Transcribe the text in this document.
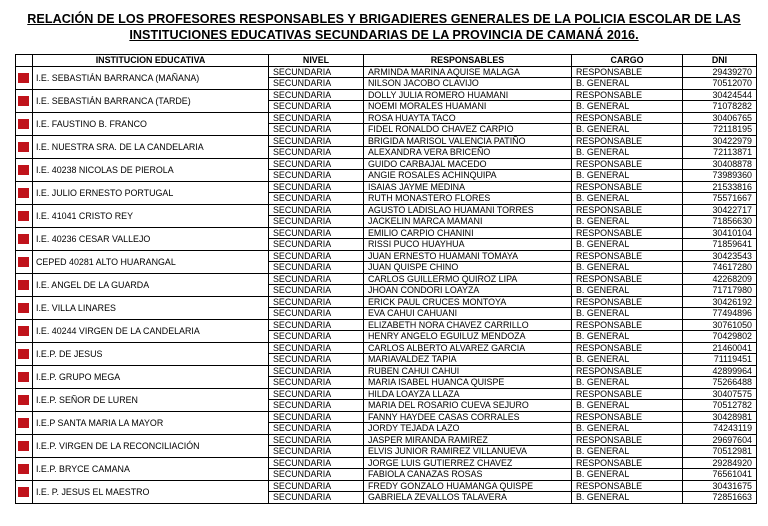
RELACIÓN DE LOS PROFESORES RESPONSABLES Y BRIGADIERES GENERALES DE LA POLICIA ESCOLAR DE LAS
INSTITUCIONES EDUCATIVAS SECUNDARIAS DE LA PROVINCIA DE CAMANÁ 2016.
	INSTITUCION EDUCATIVA	NIVEL	RESPONSABLES	CARGO	DNI

01	I.E. SEBASTIÁN BARRANCA (MAÑANA)	SECUNDARIA	ARMINDA MARINA AQUISE MALAGA	RESPONSABLE	29439270
		SECUNDARIA	NILSON JACOBO CLAVIJO	B. GENERAL	70512070

02	I.E. SEBASTIÁN BARRANCA (TARDE)	SECUNDARIA	DOLLY JULIA ROMERO HUAMANI	RESPONSABLE	30424544
		SECUNDARIA	NOEMI MORALES HUAMANI	B. GENERAL	71078282

03	I.E. FAUSTINO B. FRANCO	SECUNDARIA	ROSA HUAYTA TACO	RESPONSABLE	30406765
		SECUNDARIA	FIDEL RONALDO CHAVEZ CARPIO	B. GENERAL	72118195

04	I.E. NUESTRA SRA. DE LA CANDELARIA	SECUNDARIA	BRIGIDA MARISOL VALENCIA PATIÑO	RESPONSABLE	30422979
		SECUNDARIA	ALEXANDRA VERA BRICEÑO	B. GENERAL	72113871

05	I.E. 40238 NICOLAS DE PIEROLA	SECUNDARIA	GUIDO CARBAJAL MACEDO	RESPONSABLE	30408878
		SECUNDARIA	ANGIE ROSALES ACHINQUIPA	B. GENERAL	73989360

06	I.E. JULIO ERNESTO PORTUGAL	SECUNDARIA	ISAIAS JAYME MEDINA	RESPONSABLE	21533816
		SECUNDARIA	RUTH MONASTERO FLORES	B. GENERAL	75571667

07	I.E. 41041 CRISTO REY	SECUNDARIA	AGUSTO LADISLAO HUAMANI TORRES	RESPONSABLE	30422717
		SECUNDARIA	JACKELIN MARCA MAMANI	B. GENERAL	71856630

08	I.E. 40236 CESAR VALLEJO	SECUNDARIA	EMILIO CARPIO CHANINI	RESPONSABLE	30410104
		SECUNDARIA	RISSI PUCO HUAYHUA	B. GENERAL	71859641

09	CEPED 40281 ALTO HUARANGAL	SECUNDARIA	JUAN ERNESTO HUAMANI TOMAYA	RESPONSABLE	30423543
		SECUNDARIA	JUAN QUISPE CHINO	B. GENERAL	74617280

10	I.E. ANGEL DE LA GUARDA	SECUNDARIA	CARLOS GUILLERMO QUIROZ LIPA	RESPONSABLE	42268209
		SECUNDARIA	JHOAN CONDORI LOAYZA	B. GENERAL	71717980

11	I.E. VILLA LINARES	SECUNDARIA	ERICK PAUL CRUCES MONTOYA	RESPONSABLE	30426192
		SECUNDARIA	EVA CAHUI CAHUANI	B. GENERAL	77494896

12	I.E. 40244 VIRGEN DE LA CANDELARIA	SECUNDARIA	ELIZABETH NORA CHAVEZ CARRILLO	RESPONSABLE	30761050
		SECUNDARIA	HENRY ANGELO EGUILUZ MENDOZA	B. GENERAL	70429802

13	I.E.P. DE JESUS	SECUNDARIA	CARLOS ALBERTO ALVAREZ GARCIA	RESPONSABLE	21460041
		SECUNDARIA	MARIAVALDEZ TAPIA	B. GENERAL	71119451

14	I.E.P. GRUPO MEGA	SECUNDARIA	RUBEN CAHUI CAHUI	RESPONSABLE	42899964
		SECUNDARIA	MARIA ISABEL HUANCA QUISPE	B. GENERAL	75266488

15	I.E.P. SEÑOR DE LUREN	SECUNDARIA	HILDA LOAYZA LLAZA	RESPONSABLE	30407575
		SECUNDARIA	MARIA DEL ROSARIO CUEVA SEJURO	B. GENERAL	70512782

16	I.E.P SANTA MARIA LA MAYOR	SECUNDARIA	FANNY HAYDEE CASAS CORRALES	RESPONSABLE	30428981
		SECUNDARIA	JORDY TEJADA LAZO	B. GENERAL	74243119

17	I.E.P. VIRGEN DE LA RECONCILIACIÓN	SECUNDARIA	JASPER MIRANDA RAMIREZ	RESPONSABLE	29697604
		SECUNDARIA	ELVIS JUNIOR RAMIREZ VILLANUEVA	B. GENERAL	70512981

18	I.E.P. BRYCE CAMANA	SECUNDARIA	JORGE LUIS GUTIERREZ CHAVEZ	RESPONSABLE	29284920
		SECUNDARIA	FABIOLA CANAZAS ROSAS	B. GENERAL	76561041

19	I.E. P. JESUS EL MAESTRO	SECUNDARIA	FREDY GONZALO HUAMANGA QUISPE	RESPONSABLE	30431675
		SECUNDARIA	GABRIELA ZEVALLOS TALAVERA	B. GENERAL	72851663
